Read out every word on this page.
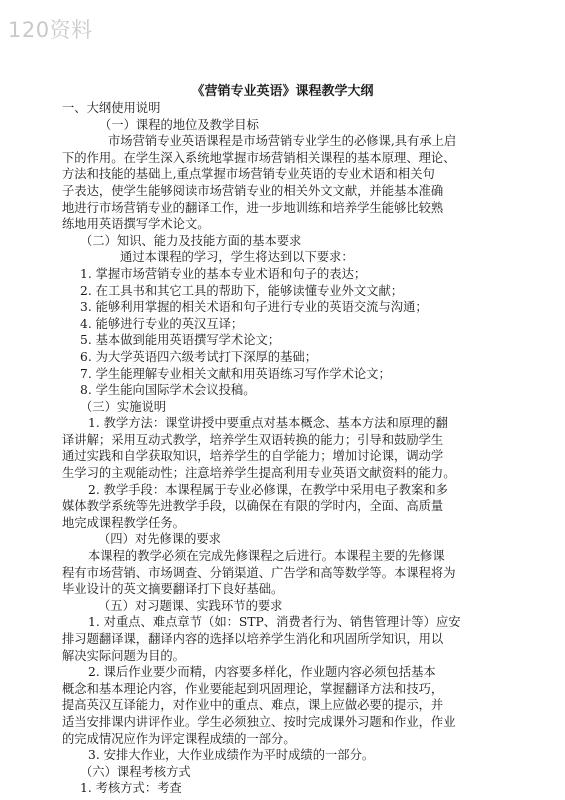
120资料
《营销专业英语》课程教学大纲
一、大纲使用说明
（一）课程的地位及教学目标
市场营销专业英语课程是市场营销专业学生的必修课,具有承上启
下的作用。在学生深入系统地掌握市场营销相关课程的基本原理、理论、
方法和技能的基础上,重点掌握市场营销专业英语的专业术语和相关句
子表达，使学生能够阅读市场营销专业的相关外文文献，并能基本准确
地进行市场营销专业的翻译工作，进一步地训练和培养学生能够比较熟
练地用英语撰写学术论文。
（二）知识、能力及技能方面的基本要求
通过本课程的学习，学生将达到以下要求：
1. 掌握市场营销专业的基本专业术语和句子的表达；
2. 在工具书和其它工具的帮助下，能够读懂专业外文文献；
3. 能够利用掌握的相关术语和句子进行专业的英语交流与沟通；
4. 能够进行专业的英汉互译；
5. 基本做到能用英语撰写学术论文；
6. 为大学英语四六级考试打下深厚的基础；
7. 学生能理解专业相关文献和用英语练习写作学术论文；
8. 学生能向国际学术会议投稿。
（三）实施说明
1. 教学方法：课堂讲授中要重点对基本概念、基本方法和原理的翻
译讲解；采用互动式教学，培养学生双语转换的能力；引导和鼓励学生
通过实践和自学获取知识，培养学生的自学能力；增加讨论课，调动学
生学习的主观能动性；注意培养学生提高利用专业英语文献资料的能力。
2. 教学手段：本课程属于专业必修课，在教学中采用电子教案和多
媒体教学系统等先进教学手段，以确保在有限的学时内，全面、高质量
地完成课程教学任务。
（四）对先修课的要求
本课程的教学必须在完成先修课程之后进行。本课程主要的先修课
程有市场营销、市场调查、分销渠道、广告学和高等数学等。本课程将为
毕业设计的英文摘要翻译打下良好基础。
（五）对习题课、实践环节的要求
1. 对重点、难点章节（如：STP、消费者行为、销售管理计等）应安
排习题翻译课，翻译内容的选择以培养学生消化和巩固所学知识，用以
解决实际问题为目的。
2. 课后作业要少而精，内容要多样化，作业题内容必须包括基本
概念和基本理论内容，作业要能起到巩固理论，掌握翻译方法和技巧，
提高英汉互译能力，对作业中的重点、难点，课上应做必要的提示，并
适当安排课内讲评作业。学生必须独立、按时完成课外习题和作业，作业
的完成情况应作为评定课程成绩的一部分。
3. 安排大作业，大作业成绩作为平时成绩的一部分。
（六）课程考核方式
1. 考核方式：考查
